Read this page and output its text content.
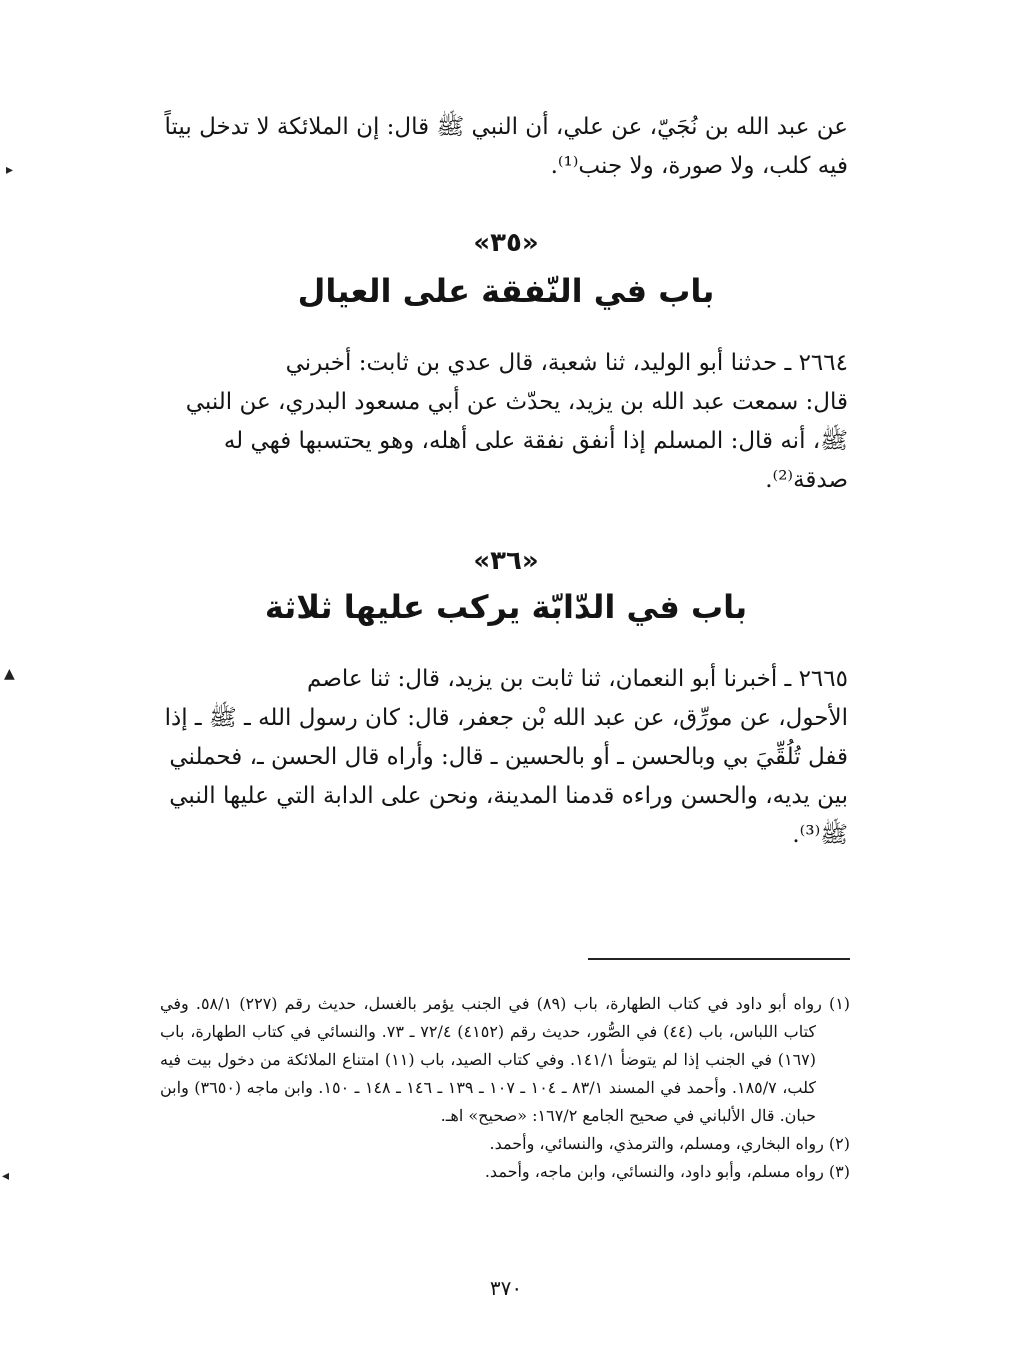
▸
▲
◂

عن عبد الله بن نُجَيّ، عن علي، أن النبي ﷺ قال: إن الملائكة لا تدخل بيتاً

فيه كلب، ولا صورة، ولا جنب⁽¹⁾.

«٣٥»
باب في النّفقة على العيال

٢٦٦٤ ـ حدثنا أبو الوليد، ثنا شعبة، قال عدي بن ثابت: أخبرني

قال: سمعت عبد الله بن يزيد، يحدّث عن أبي مسعود البدري، عن النبي

ﷺ، أنه قال: المسلم إذا أنفق نفقة على أهله، وهو يحتسبها فهي له

صدقة⁽²⁾.

«٣٦»
باب في الدّابّة يركب عليها ثلاثة

٢٦٦٥ ـ أخبرنا أبو النعمان، ثنا ثابت بن يزيد، قال: ثنا عاصم

الأحول، عن مورِّق، عن عبد الله بْن جعفر، قال: كان رسول الله ـ ﷺ ـ إذا

قفل تُلُقِّيَ بي وبالحسن ـ أو بالحسين ـ قال: وأراه قال الحسن ـ، فحملني

بين يديه، والحسن وراءه قدمنا المدينة، ونحن على الدابة التي عليها النبي

ﷺ⁽³⁾.

(١) رواه أبو داود في كتاب الطهارة، باب (٨٩) في الجنب يؤمر بالغسل، حديث رقم (٢٢٧) ٥٨/١. وفي كتاب اللباس، باب (٤٤) في الصُّور، حديث رقم (٤١٥٢) ٧٢/٤ ـ ٧٣. والنسائي في كتاب الطهارة، باب (١٦٧) في الجنب إذا لم يتوضأ ١٤١/١. وفي كتاب الصيد، باب (١١) امتناع الملائكة من دخول بيت فيه كلب، ١٨٥/٧. وأحمد في المسند ٨٣/١ ـ ١٠٤ ـ ١٠٧ ـ ١٣٩ ـ ١٤٦ ـ ١٤٨ ـ ١٥٠. وابن ماجه (٣٦٥٠) وابن حبان. قال الألباني في صحيح الجامع ١٦٧/٢: «صحيح» اهـ.
(٢) رواه البخاري، ومسلم، والترمذي، والنسائي، وأحمد.
(٣) رواه مسلم، وأبو داود، والنسائي، وابن ماجه، وأحمد.
٣٧٠
